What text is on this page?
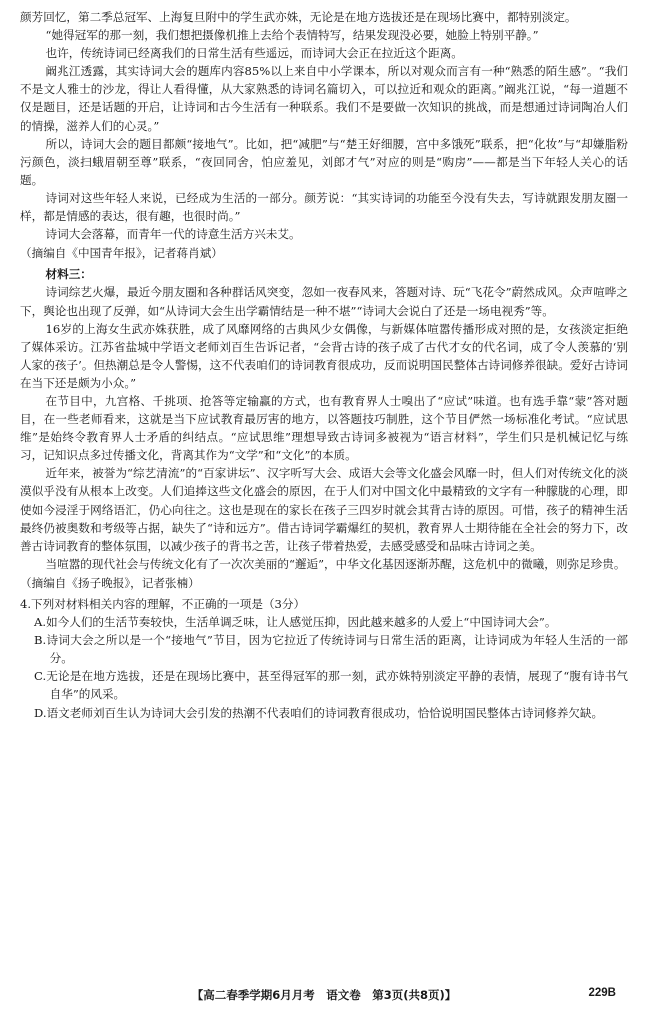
颜芳回忆，第二季总冠军、上海复旦附中的学生武亦姝，无论是在地方选拔还是在现场比赛中，都特别淡定。

“她得冠军的那一刻，我们想把摄像机推上去给个表情特写，结果发现没必要，她脸上特别平静。”

也许，传统诗词已经离我们的日常生活有些遥远，而诗词大会正在拉近这个距离。

阚兆江透露，其实诗词大会的题库内容85%以上来自中小学课本，所以对观众而言有一种“熟悉的陌生感”。“我们不是文人雅士的沙龙，得让人看得懂，从大家熟悉的诗词名篇切入，可以拉近和观众的距离。”阚兆江说，“每一道题不仅是题目，还是话题的开启，让诗词和古今生活有一种联系。我们不是要做一次知识的挑战，而是想通过诗词陶冶人们的情操，滋养人们的心灵。”

所以，诗词大会的题目都颇“接地气”。比如，把“减肥”与“楚王好细腰，宫中多饿死”联系，把“化妆”与“却嫌脂粉污颜色，淡扫蛾眉朝至尊”联系，“夜回同舍，怕应羞见，刘郎才气”对应的则是“购房”——都是当下年轻人关心的话题。

诗词对这些年轻人来说，已经成为生活的一部分。颜芳说：“其实诗词的功能至今没有失去，写诗就跟发朋友圈一样，都是情感的表达，很有趣，也很时尚。”

诗词大会落幕，而青年一代的诗意生活方兴未艾。

（摘编自《中国青年报》，记者蒋肖斌）

材料三：

诗词综艺火爆，最近今朋友圈和各种群话风突变，忽如一夜春风来，答题对诗、玩“飞花令”蔚然成风。众声喧哗之下，舆论也出现了反弹，如“从诗词大会生出学霸情结是一种不堪”“诗词大会说白了还是一场电视秀”等。

16岁的上海女生武亦姝获胜，成了风靡网络的古典风少女偶像，与新媒体喧嚣传播形成对照的是，女孩淡定拒绝了媒体采访。江苏省盐城中学语文老师刘百生告诉记者，“会背古诗的孩子成了古代才女的代名词，成了令人羡慕的‘别人家的孩子’。但热潮总是令人警惕，这不代表咱们的诗词教育很成功，反而说明国民整体古诗词修养很缺。爱好古诗词在当下还是颇为小众。”

在节目中，九宫格、千挑项、抢答等定输赢的方式，也有教育界人士嗅出了“应试”味道。也有选手靠“蒙”答对题目，在一些老师看来，这就是当下应试教育最厉害的地方，以答题技巧制胜，这个节目俨然一场标准化考试。“应试思维”是始终令教育界人士矛盾的纠结点。“应试思维”理想导致古诗词多被视为“语言材料”，学生们只是机械记忆与练习，记知识点多过传播文化，背离其作为“文学”和“文化”的本质。

近年来，被誉为“综艺清流”的“百家讲坛”、汉字听写大会、成语大会等文化盛会风靡一时，但人们对传统文化的淡漠似乎没有从根本上改变。人们追捧这些文化盛会的原因，在于人们对中国文化中最精致的文字有一种朦胧的心理，即使如今浸淫于网络语汇，仍心向往之。这也是现在的家长在孩子三四岁时就会其背古诗的原因。可惜，孩子的精神生活最终仍被奥数和考级等占据，缺失了“诗和远方”。借古诗词学霸爆红的契机，教育界人士期待能在全社会的努力下，改善古诗词教育的整体氛围，以减少孩子的背书之苦，让孩子带着热爱，去感受感受和品味古诗词之美。

当喧嚣的现代社会与传统文化有了一次次美丽的“邂逅”，中华文化基因逐渐苏醒，这危机中的微曦，则弥足珍贵。

（摘编自《扬子晚报》，记者张楠）

4.下列对材料相关内容的理解，不正确的一项是（3分）

A.如今人们的生活节奏较快，生活单调乏味，让人感觉压抑，因此越来越多的人爱上“中国诗词大会”。

B.诗词大会之所以是一个“接地气”节目，因为它拉近了传统诗词与日常生活的距离，让诗词成为年轻人生活的一部分。

C.无论是在地方选拔，还是在现场比赛中，甚至得冠军的那一刻，武亦姝特别淡定平静的表情，展现了“腹有诗书气自华”的风采。

D.语文老师刘百生认为诗词大会引发的热潮不代表咱们的诗词教育很成功，恰恰说明国民整体古诗词修养欠缺。

【高二春季学期6月月考　语文卷　第3页(共8页)】	229B
